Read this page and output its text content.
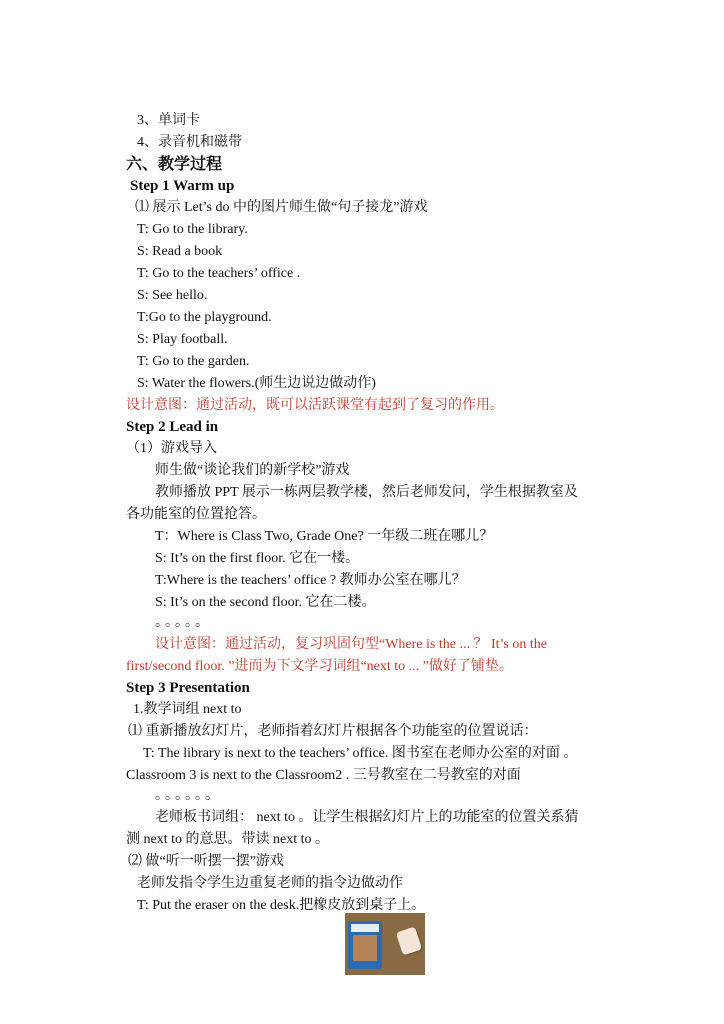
3、单词卡
4、录音机和磁带
六、教学过程
Step 1 Warm up
⑴ 展示 Let’s do 中的图片师生做“句子接龙”游戏
T: Go to the library.
S: Read a book
T: Go to the teachers’ office .
S: See hello.
T:Go to the playground.
S: Play football.
T: Go to the garden.
S: Water the flowers.(师生边说边做动作)
设计意图：通过活动，既可以活跃课堂有起到了复习的作用。
Step 2 Lead in
（1）游戏导入
师生做“谈论我们的新学校”游戏
教师播放 PPT 展示一栋两层教学楼，然后老师发问，学生根据教室及
各功能室的位置抢答。
T：Where is Class Two, Grade One? 一年级二班在哪儿？
S: It’s on the first floor. 它在一楼。
T:Where is the teachers’ office ? 教师办公室在哪儿？
S: It’s on the second floor. 它在二楼。
。。。。。
设计意图：通过活动，复习巩固句型“Where is the ... ？ It’s on the
first/second floor. ”进而为下文学习词组“next to ... ”做好了铺垫。
Step 3 Presentation
1.教学词组 next to
⑴ 重新播放幻灯片，老师指着幻灯片根据各个功能室的位置说话：
T: The library is next to the teachers’ office. 图书室在老师办公室的对面 。
Classroom 3 is next to the Classroom2 . 三号教室在二号教室的对面
。。。。。。
老师板书词组： next to 。让学生根据幻灯片上的功能室的位置关系猜
测 next to 的意思。带读 next to 。
⑵ 做“听一听摆一摆”游戏
老师发指令学生边重复老师的指令边做动作
T: Put the eraser on the desk.把橡皮放到桌子上。
